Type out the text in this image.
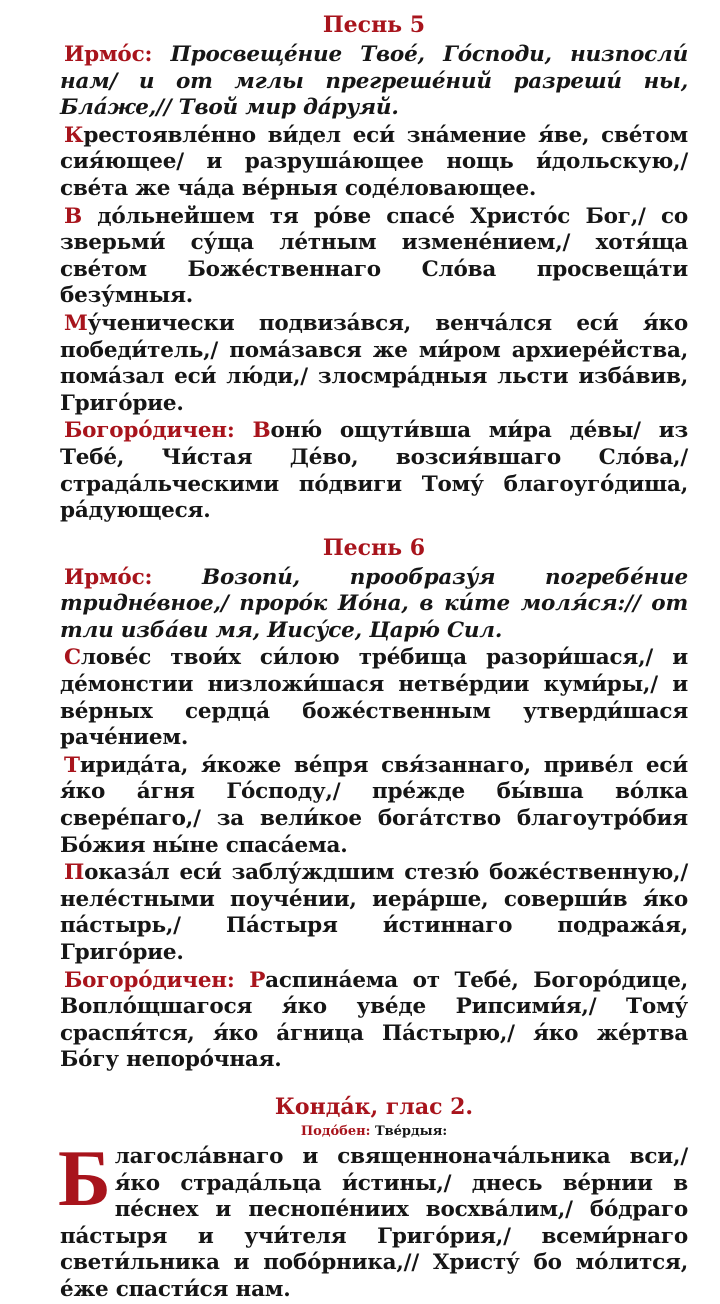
Песнь 5

Ирмо́с: Просвеще́ние Твое́, Го́споди, низпосли́ нам/ и от мглы прегреше́ний разреши́ ны, Бла́же,// Твой мир да́руяй.

Крестоявле́нно ви́дел еси́ зна́мение я́ве, све́том сия́ющее/ и разруша́ющее нощь и́дольскую,/ све́та же ча́да ве́рныя соде́ловающее.

В до́льнейшем тя ро́ве спасе́ Христо́с Бог,/ со зверьми́ су́ща ле́тным измене́нием,/ хотя́ща све́том Боже́ственнаго Сло́ва просвеща́ти безу́мныя.

Му́ченически подвиза́вся, венча́лся еси́ я́ко победи́тель,/ пома́зався же ми́ром архиере́йства, пома́зал еси́ лю́ди,/ злосмра́дныя льсти изба́вив, Григо́рие.

Богоро́дичен: Воню́ ощути́вша ми́ра де́вы/ из Тебе́, Чи́стая Де́во, возсия́вшаго Сло́ва,/ страда́льческими по́двиги Тому́ благоуго́диша, ра́дующеся.

Песнь 6

Ирмо́с: Возопи́, прообразу́я погребе́ние тридне́вное,/ проро́к Ио́на, в ки́те моля́ся:// от тли изба́ви мя, Иису́се, Царю́ Сил.

Слове́с твои́х си́лою тре́бища разори́шася,/ и де́монстии низложи́шася нетве́рдии куми́ры,/ и ве́рных сердца́ боже́ственным утверди́шася раче́нием.

Тирида́та, я́коже ве́пря свя́заннаго, приве́л еси́ я́ко а́гня Го́споду,/ пре́жде бы́вша во́лка свере́паго,/ за вели́кое бога́тство благоутро́бия Бо́жия ны́не спаса́ема.

Показа́л еси́ заблу́ждшим стезю́ боже́ственную,/ неле́стными поуче́нии, иера́рше, соверши́в я́ко па́стырь,/ Па́стыря и́стиннаго подража́я, Григо́рие.

Богоро́дичен: Распина́ема от Тебе́, Богоро́дице, Вопло́щшагося я́ко уве́де Рипсими́я,/ Тому́ сраспя́тся, я́ко а́гница Па́стырю,/ я́ко же́ртва Бо́гу непоро́чная.

Конда́к, глас 2.
Подо́бен: Тве́рдыя:

Благосла́внаго и священнонача́льника вси,/ я́ко страда́льца и́стины,/ днесь ве́рнии в пе́снех и песнопе́ниих восхва́лим,/ бо́драго па́стыря и учи́теля Григо́рия,/ всеми́рнаго свети́льника и побо́рника,// Христу́ бо мо́лится, е́же спасти́ся нам.
